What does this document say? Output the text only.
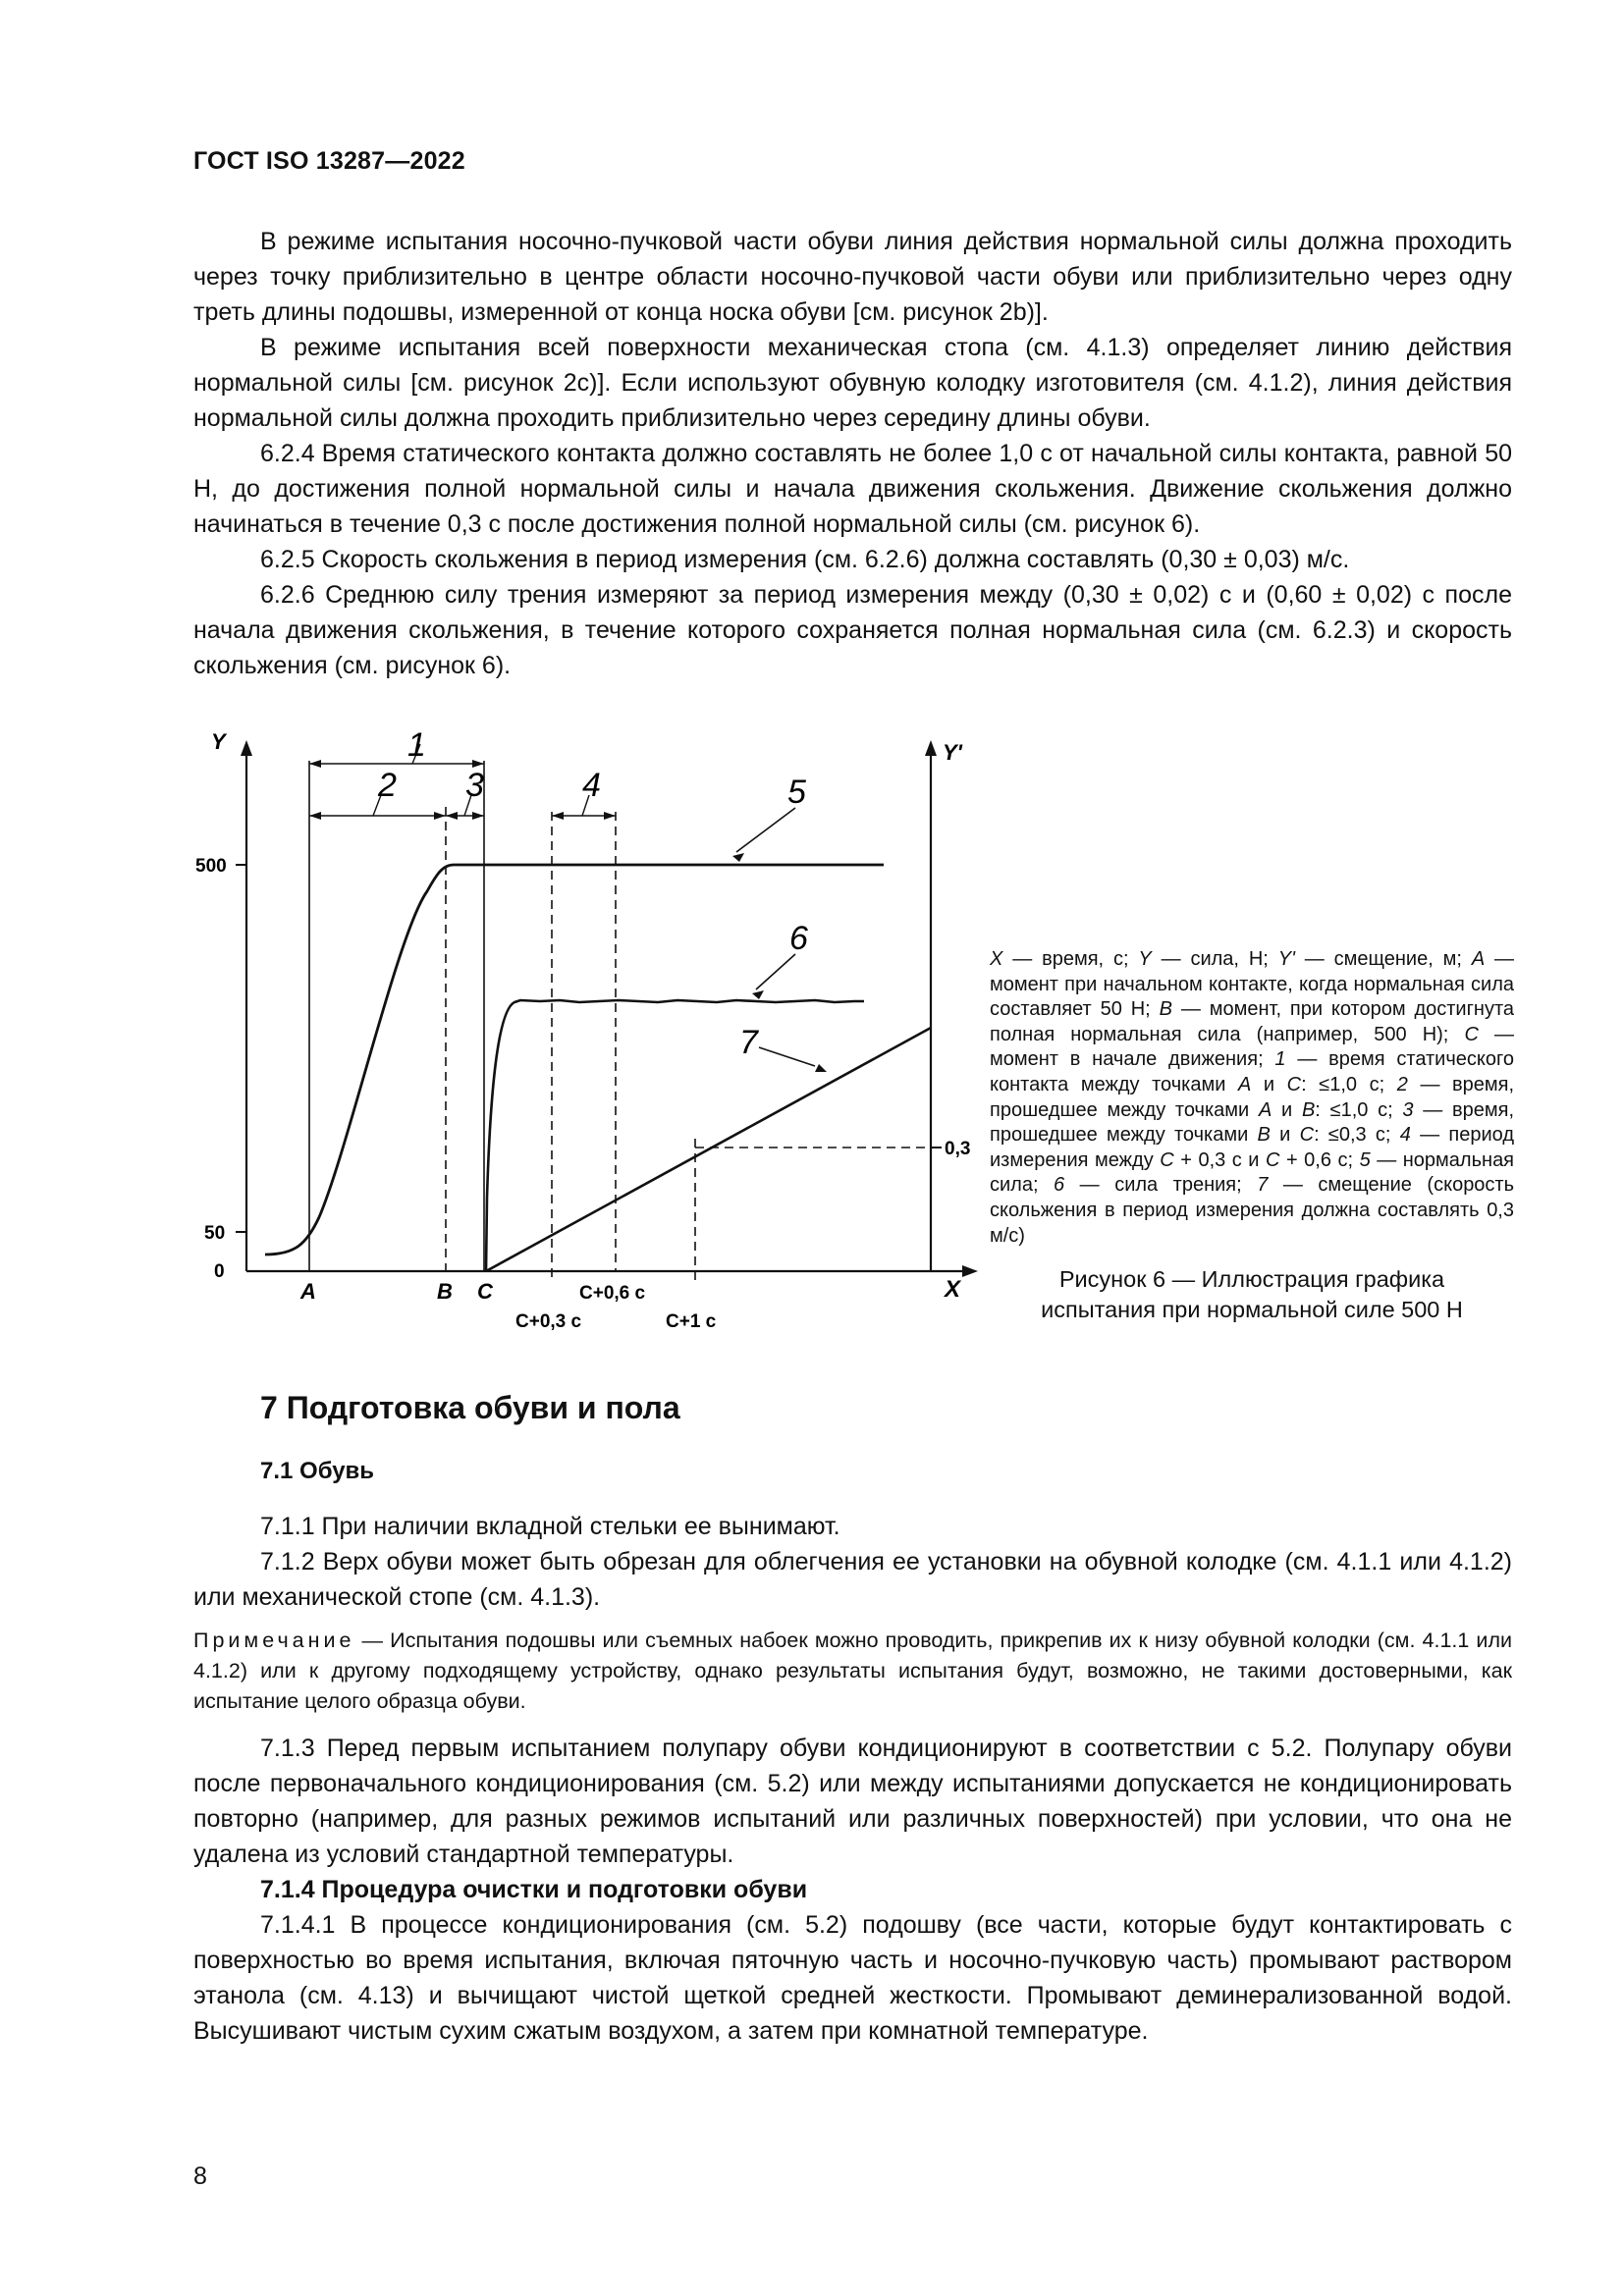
ГОСТ ISO 13287—2022

В режиме испытания носочно-пучковой части обуви линия действия нормальной силы должна проходить через точку приблизительно в центре области носочно-пучковой части обуви или приблизительно через одну треть длины подошвы, измеренной от конца носка обуви [см. рисунок 2b)].

В режиме испытания всей поверхности механическая стопа (см. 4.1.3) определяет линию действия нормальной силы [см. рисунок 2c)]. Если используют обувную колодку изготовителя (см. 4.1.2), линия действия нормальной силы должна проходить приблизительно через середину длины обуви.

6.2.4 Время статического контакта должно составлять не более 1,0 с от начальной силы контакта, равной 50 Н, до достижения полной нормальной силы и начала движения скольжения. Движение скольжения должно начинаться в течение 0,3 с после достижения полной нормальной силы (см. рисунок 6).

6.2.5 Скорость скольжения в период измерения (см. 6.2.6) должна составлять (0,30 ± 0,03) м/с.

6.2.6 Среднюю силу трения измеряют за период измерения между (0,30 ± 0,02) с и (0,60 ± 0,02) с после начала движения скольжения, в течение которого сохраняется полная нормальная сила (см. 6.2.3) и скорость скольжения (см. рисунок 6).

Y	Y'
X
500
50
0
0,3
1
2 3	4	5
6
7
A	B C	C+0,6 с
C+0,3 с	C+1 с
X — время, с; Y — сила, Н; Y' — смещение, м; A — момент при начальном контакте, когда нормальная сила составляет 50 Н; B — момент, при котором достигнута полная нормальная сила (например, 500 Н); C — момент в начале движения; 1 — время статического контакта между точками A и C: ≤1,0 с; 2 — время, прошедшее между точками A и B: ≤1,0 с; 3 — время, прошедшее между точками B и C: ≤0,3 с; 4 — период измерения между C + 0,3 с и C + 0,6 с; 5 — нормальная сила; 6 — сила трения; 7 — смещение (скорость скольжения в период измерения должна составлять 0,3 м/с)
Рисунок 6 — Иллюстрация графика
испытания при нормальной силе 500 Н
7 Подготовка обуви и пола
7.1 Обувь

7.1.1 При наличии вкладной стельки ее вынимают.

7.1.2 Верх обуви может быть обрезан для облегчения ее установки на обувной колодке (см. 4.1.1 или 4.1.2) или механической стопе (см. 4.1.3).

Примечание — Испытания подошвы или съемных набоек можно проводить, прикрепив их к низу обувной колодки (см. 4.1.1 или 4.1.2) или к другому подходящему устройству, однако результаты испытания будут, возможно, не такими достоверными, как испытание целого образца обуви.

7.1.3 Перед первым испытанием полупару обуви кондиционируют в соответствии с 5.2. Полупару обуви после первоначального кондиционирования (см. 5.2) или между испытаниями допускается не кондиционировать повторно (например, для разных режимов испытаний или различных поверхностей) при условии, что она не удалена из условий стандартной температуры.

7.1.4 Процедура очистки и подготовки обуви

7.1.4.1 В процессе кондиционирования (см. 5.2) подошву (все части, которые будут контактировать с поверхностью во время испытания, включая пяточную часть и носочно-пучковую часть) промывают раствором этанола (см. 4.13) и вычищают чистой щеткой средней жесткости. Промывают деминерализованной водой. Высушивают чистым сухим сжатым воздухом, а затем при комнатной температуре.

8
